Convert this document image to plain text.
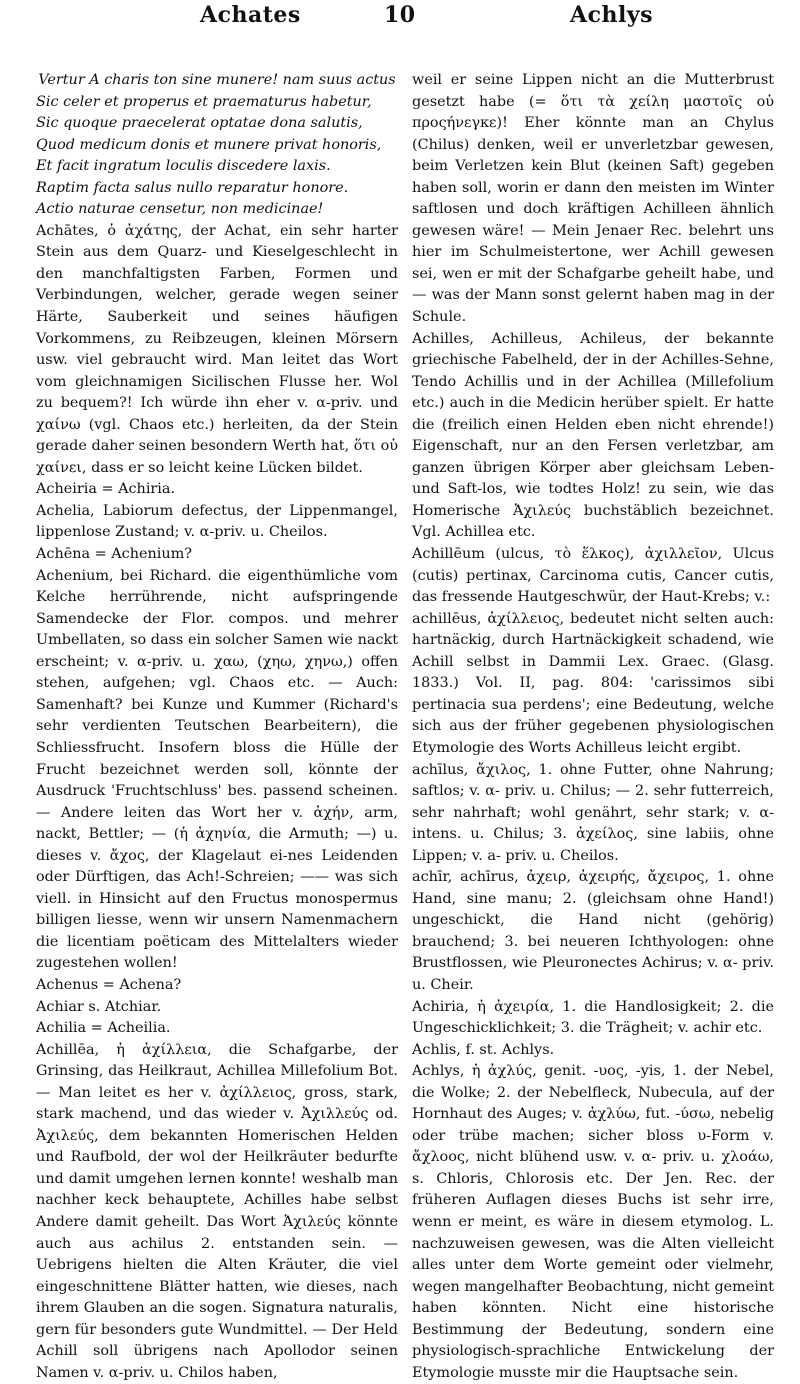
Achates	10	Achlys

Vertur A charis ton sine munere! nam suus actus

Sic celer et properus et praematurus habetur,

Sic quoque praecelerat optatae dona salutis,

Quod medicum donis et munere privat honoris,

Et facit ingratum loculis discedere laxis.

Raptim facta salus nullo reparatur honore.

Actio naturae censetur, non medicinae!

Achātes, ὁ ἀχάτης, der Achat, ein sehr harter Stein aus dem Quarz- und Kieselgeschlecht in den manchfaltigsten Farben, Formen und Verbindungen, welcher, gerade wegen seiner Härte, Sauberkeit und seines häufigen Vorkommens, zu Reibzeugen, kleinen Mörsern usw. viel gebraucht wird. Man leitet das Wort vom gleichnamigen Sicilischen Flusse her. Wol zu bequem?! Ich würde ihn eher v. α-priv. und χαίνω (vgl. Chaos etc.) herleiten, da der Stein gerade daher seinen besondern Werth hat, ὅτι οὐ χαίνει, dass er so leicht keine Lücken bildet.

Acheiria = Achiria.

Achelia, Labiorum defectus, der Lippenmangel, lippenlose Zustand; v. α-priv. u. Cheilos.

Achēna = Achenium?

Achenium, bei Richard. die eigenthümliche vom Kelche herrührende, nicht aufspringende Samendecke der Flor. compos. und mehrer Umbellaten, so dass ein solcher Samen wie nackt erscheint; v. α-priv. u. χαω, (χηω, χηνω,) offen stehen, aufgehen; vgl. Chaos etc. — Auch: Samenhaft? bei Kunze und Kummer (Richard's sehr verdienten Teutschen Bearbeitern), die Schliessfrucht. Insofern bloss die Hülle der Frucht bezeichnet werden soll, könnte der Ausdruck 'Fruchtschluss' bes. passend scheinen. — Andere leiten das Wort her v. ἀχήν, arm, nackt, Bettler; — (ἡ ἀχηνία, die Armuth; —) u. dieses v. ἄχος, der Klagelaut ei-nes Leidenden oder Dürftigen, das Ach!-Schreien; —— was sich viell. in Hinsicht auf den Fructus monospermus billigen liesse, wenn wir unsern Namenmachern die licentiam poëticam des Mittelalters wieder zugestehen wollen!

Achenus = Achena?

Achiar s. Atchiar.

Achilia = Acheilia.

Achillēa, ἡ ἀχίλλεια, die Schafgarbe, der Grinsing, das Heilkraut, Achillea Millefolium Bot. — Man leitet es her v. ἀχίλλειος, gross, stark, stark machend, und das wieder v. Ἀχιλλεύς od. Ἀχιλεύς, dem bekannten Homerischen Helden und Raufbold, der wol der Heilkräuter bedurfte und damit umgehen lernen konnte! weshalb man nachher keck behauptete, Achilles habe selbst Andere damit geheilt. Das Wort Ἀχιλεύς könnte auch aus achilus 2. entstanden sein. — Uebrigens hielten die Alten Kräuter, die viel eingeschnittene Blätter hatten, wie dieses, nach ihrem Glauben an die sogen. Signatura naturalis, gern für besonders gute Wundmittel. — Der Held Achill soll übrigens nach Apollodor seinen Namen v. α-priv. u. Chilos haben,

weil er seine Lippen nicht an die Mutterbrust gesetzt habe (= ὅτι τὰ χείλη μαστοῖς οὐ προςήνεγκε)! Eher könnte man an Chylus (Chilus) denken, weil er unverletzbar gewesen, beim Verletzen kein Blut (keinen Saft) gegeben haben soll, worin er dann den meisten im Winter saftlosen und doch kräftigen Achilleen ähnlich gewesen wäre! — Mein Jenaer Rec. belehrt uns hier im Schulmeistertone, wer Achill gewesen sei, wen er mit der Schafgarbe geheilt habe, und — was der Mann sonst gelernt haben mag in der Schule.

Achilles, Achilleus, Achileus, der bekannte griechische Fabelheld, der in der Achilles-Sehne, Tendo Achillis und in der Achillea (Millefolium etc.) auch in die Medicin herüber spielt. Er hatte die (freilich einen Helden eben nicht ehrende!) Eigenschaft, nur an den Fersen verletzbar, am ganzen übrigen Körper aber gleichsam Leben- und Saft-los, wie todtes Holz! zu sein, wie das Homerische Ἀχιλεύς buchstäblich bezeichnet. Vgl. Achillea etc.

Achillēum (ulcus, τὸ ἕλκος), ἀχιλλεῖον, Ulcus (cutis) pertinax, Carcinoma cutis, Cancer cutis, das fressende Hautgeschwür, der Haut-Krebs; v.:

achillēus, ἀχίλλειος, bedeutet nicht selten auch: hartnäckig, durch Hartnäckigkeit schadend, wie Achill selbst in Dammii Lex. Graec. (Glasg. 1833.) Vol. II, pag. 804: 'carissimos sibi pertinacia sua perdens'; eine Bedeutung, welche sich aus der früher gegebenen physiologischen Etymologie des Worts Achilleus leicht ergibt.

achīlus, ἄχιλος, 1. ohne Futter, ohne Nahrung; saftlos; v. α- priv. u. Chilus; — 2. sehr futterreich, sehr nahrhaft; wohl genährt, sehr stark; v. α- intens. u. Chilus; 3. ἀχείλος, sine labiis, ohne Lippen; v. a- priv. u. Cheilos.

achīr, achīrus, ἀχειρ, ἀχειρής, ἄχειρος, 1. ohne Hand, sine manu; 2. (gleichsam ohne Hand!) ungeschickt, die Hand nicht (gehörig) brauchend; 3. bei neueren Ichthyologen: ohne Brustflossen, wie Pleuronectes Achirus; v. α- priv. u. Cheir.

Achiria, ἡ ἀχειρία, 1. die Handlosigkeit; 2. die Ungeschicklichkeit; 3. die Trägheit; v. achir etc.

Achlis, f. st. Achlys.

Achlys, ἡ ἀχλύς, genit. -υος, -yis, 1. der Nebel, die Wolke; 2. der Nebelfleck, Nubecula, auf der Hornhaut des Auges; v. ἀχλύω, fut. -ύσω, nebelig oder trübe machen; sicher bloss υ-Form v. ἄχλοος, nicht blühend usw. v. α- priv. u. χλοάω, s. Chloris, Chlorosis etc. Der Jen. Rec. der früheren Auflagen dieses Buchs ist sehr irre, wenn er meint, es wäre in diesem etymolog. L. nachzuweisen gewesen, was die Alten vielleicht alles unter dem Worte gemeint oder vielmehr, wegen mangelhafter Beobachtung, nicht gemeint haben könnten. Nicht eine historische Bestimmung der Bedeutung, sondern eine physiologisch-sprachliche Entwickelung der Etymologie musste mir die Hauptsache sein.
